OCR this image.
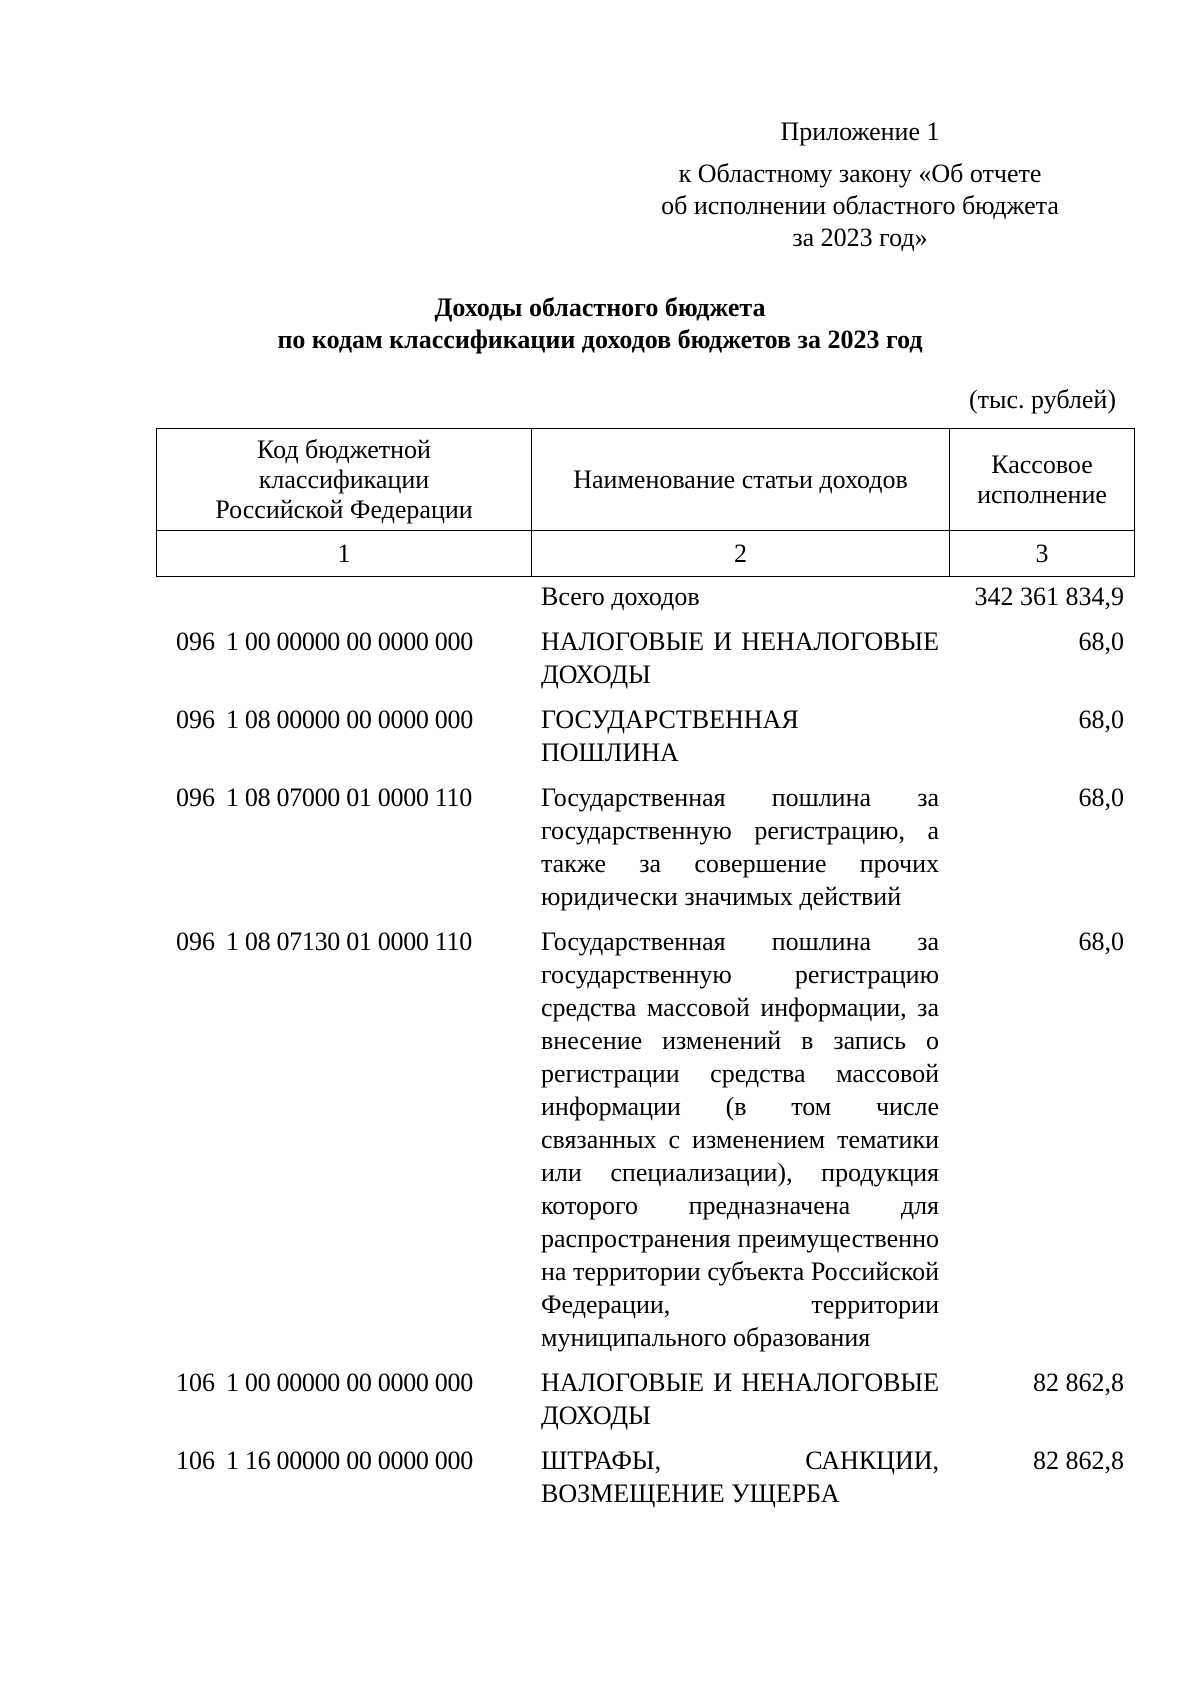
Приложение 1
к Областному закону «Об отчете
об исполнении областного бюджета
за 2023 год»
Доходы областного бюджета
по кодам классификации доходов бюджетов за 2023 год
(тыс. рублей)
Код бюджетной классификации Российской Федерации	Наименование статьи доходов	Кассовое исполнение
1	2	3
		Всего доходов	342 361 834,9
096	1 00 00000 00 0000 000	НАЛОГОВЫЕ И НЕНАЛОГОВЫЕ ДОХОДЫ	68,0
096	1 08 00000 00 0000 000	ГОСУДАРСТВЕННАЯ ПОШЛИНА	68,0
096	1 08 07000 01 0000 110	Государственная пошлина за государственную регистрацию, а также за совершение прочих юридически значимых действий	68,0
096	1 08 07130 01 0000 110	Государственная пошлина за государственную регистрацию средства массовой информации, за внесение изменений в запись о регистрации средства массовой информации (в том числе связанных с изменением тематики или специализации), продукция которого предназначена для распространения преимущественно на территории субъекта Российской Федерации, территории муниципального образования	68,0
106	1 00 00000 00 0000 000	НАЛОГОВЫЕ И НЕНАЛОГОВЫЕ ДОХОДЫ	82 862,8
106	1 16 00000 00 0000 000	ШТРАФЫ, САНКЦИИ, ВОЗМЕЩЕНИЕ УЩЕРБА	82 862,8
